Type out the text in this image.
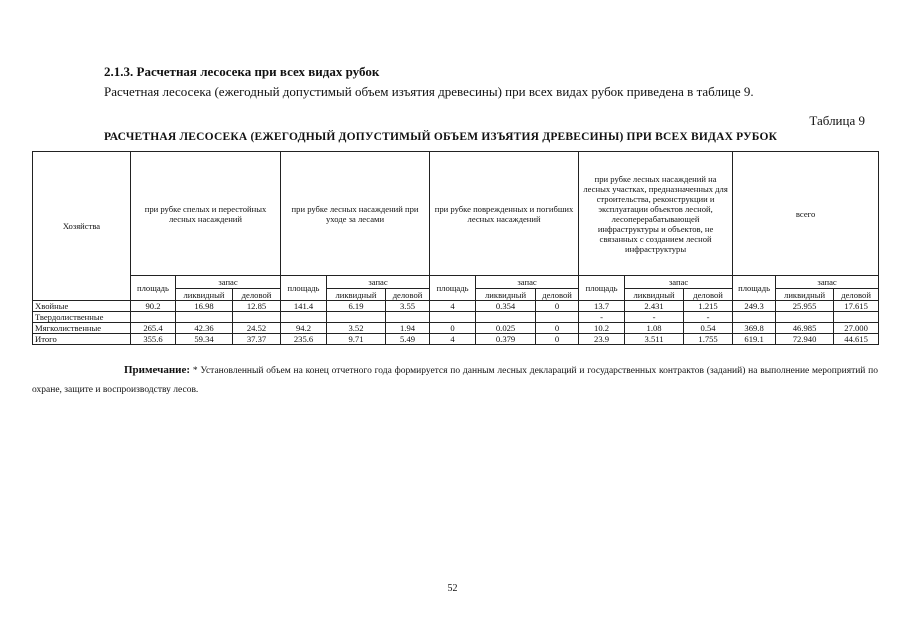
2.1.3. Расчетная лесосека при всех видах рубок
Расчетная лесосека (ежегодный допустимый объем изъятия древесины) при всех видах рубок приведена в таблице 9.
Таблица 9
РАСЧЕТНАЯ ЛЕСОСЕКА (ЕЖЕГОДНЫЙ ДОПУСТИМЫЙ ОБЪЕМ ИЗЪЯТИЯ ДРЕВЕСИНЫ) ПРИ ВСЕХ ВИДАХ РУБОК
Хозяйства	при рубке спелых и перестойных лесных насаждений			при рубке лесных насаждений при уходе за лесами			при рубке поврежденных и погибших лесных насаждений			при рубке лесных насаждений на лесных участках, предназначенных для строительства, реконструкции и эксплуатации объектов лесной, лесоперерабатывающей инфраструктуры и объектов, не связанных с созданием лесной инфраструктуры			всего		
	площадь	запас		площадь	запас		площадь	запас		площадь	запас		площадь	запас	
		ликвидный	деловой		ликвидный	деловой		ликвидный	деловой		ликвидный	деловой		ликвидный	деловой
Хвойные	90.2	16.98	12.85	141.4	6.19	3.55	4	0.354	0	13.7	2.431	1.215	249.3	25.955	17.615
Твердолиственные										-	-	-			
Мягколиственные	265.4	42.36	24.52	94.2	3.52	1.94	0	0.025	0	10.2	1.08	0.54	369.8	46.985	27.000
Итого	355.6	59.34	37.37	235.6	9.71	5.49	4	0.379	0	23.9	3.511	1.755	619.1	72.940	44.615
Примечание: * Установленный объем на конец отчетного года формируется по данным лесных деклараций и государственных контрактов (заданий) на выполнение мероприятий по охране, защите и воспроизводству лесов.
52
